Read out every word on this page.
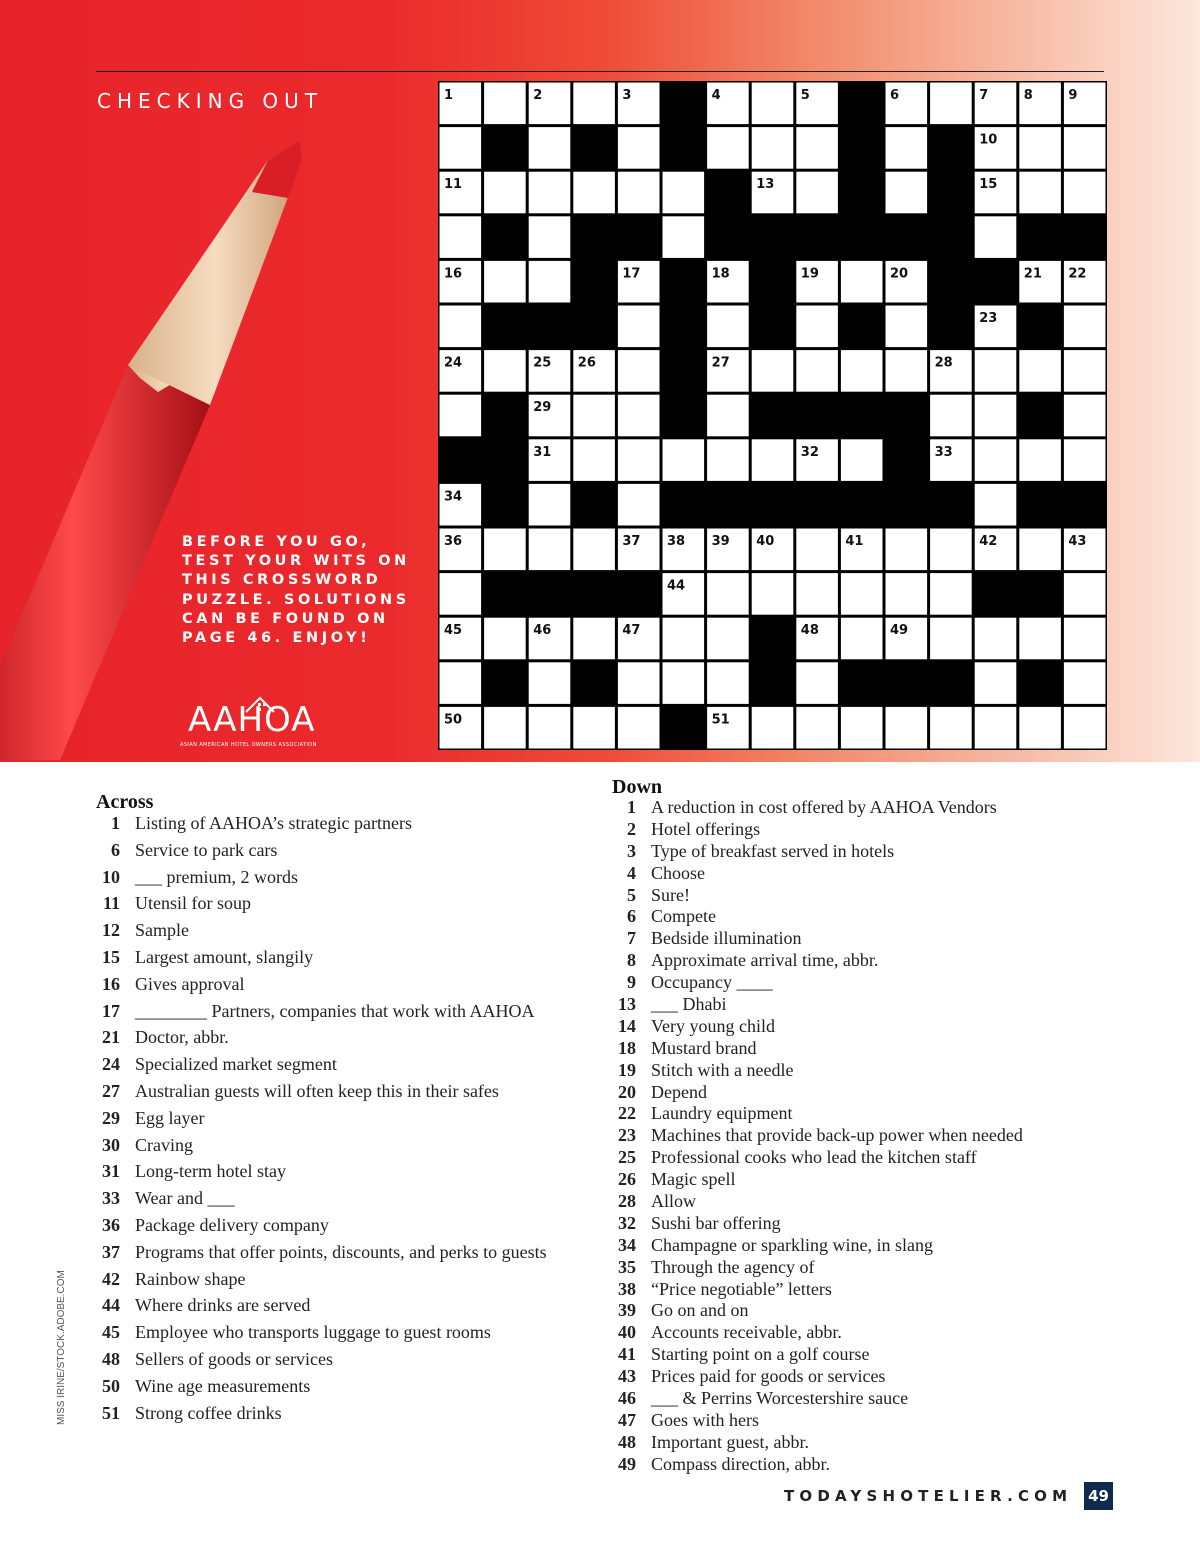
CHECKING OUT
BEFORE YOU GO,
TEST YOUR WITS ON
THIS CROSSWORD
PUZZLE. SOLUTIONS
CAN BE FOUND ON
PAGE 46. ENJOY!
AAHOA
ASIAN AMERICAN HOTEL OWNERS ASSOCIATION
1	2	3	4	5	6	7	8	9
10
11	13	15
16	17	18	19	20	21 22
23
24	25 26	27	28
29
31	32	33
34
36	37 38 39 40	41	42	43
44
45	46	47	48	49
50	51
Across
1 Listing of AAHOA’s strategic partners
6 Service to park cars
10 ___ premium, 2 words
11 Utensil for soup
12 Sample
15 Largest amount, slangily
16 Gives approval
17 ________ Partners, companies that work with AAHOA
21 Doctor, abbr.
24 Specialized market segment
27 Australian guests will often keep this in their safes
29 Egg layer
30 Craving
31 Long-term hotel stay
33 Wear and ___
36 Package delivery company
37 Programs that offer points, discounts, and perks to guests
42 Rainbow shape
44 Where drinks are served
45 Employee who transports luggage to guest rooms
48 Sellers of goods or services
50 Wine age measurements
51 Strong coffee drinks
Down
1 A reduction in cost offered by AAHOA Vendors
2 Hotel offerings
3 Type of breakfast served in hotels
4 Choose
5 Sure!
6 Compete
7 Bedside illumination
8 Approximate arrival time, abbr.
9 Occupancy ____
13 ___ Dhabi
14 Very young child
18 Mustard brand
19 Stitch with a needle
20 Depend
22 Laundry equipment
23 Machines that provide back-up power when needed
25 Professional cooks who lead the kitchen staff
26 Magic spell
28 Allow
32 Sushi bar offering
34 Champagne or sparkling wine, in slang
35 Through the agency of
38 “Price negotiable” letters
39 Go on and on
40 Accounts receivable, abbr.
41 Starting point on a golf course
43 Prices paid for goods or services
46 ___ & Perrins Worcestershire sauce
47 Goes with hers
48 Important guest, abbr.
49 Compass direction, abbr.
MISS IRINE/STOCK.ADOBE.COM
TODAYSHOTELIER.COM 49
